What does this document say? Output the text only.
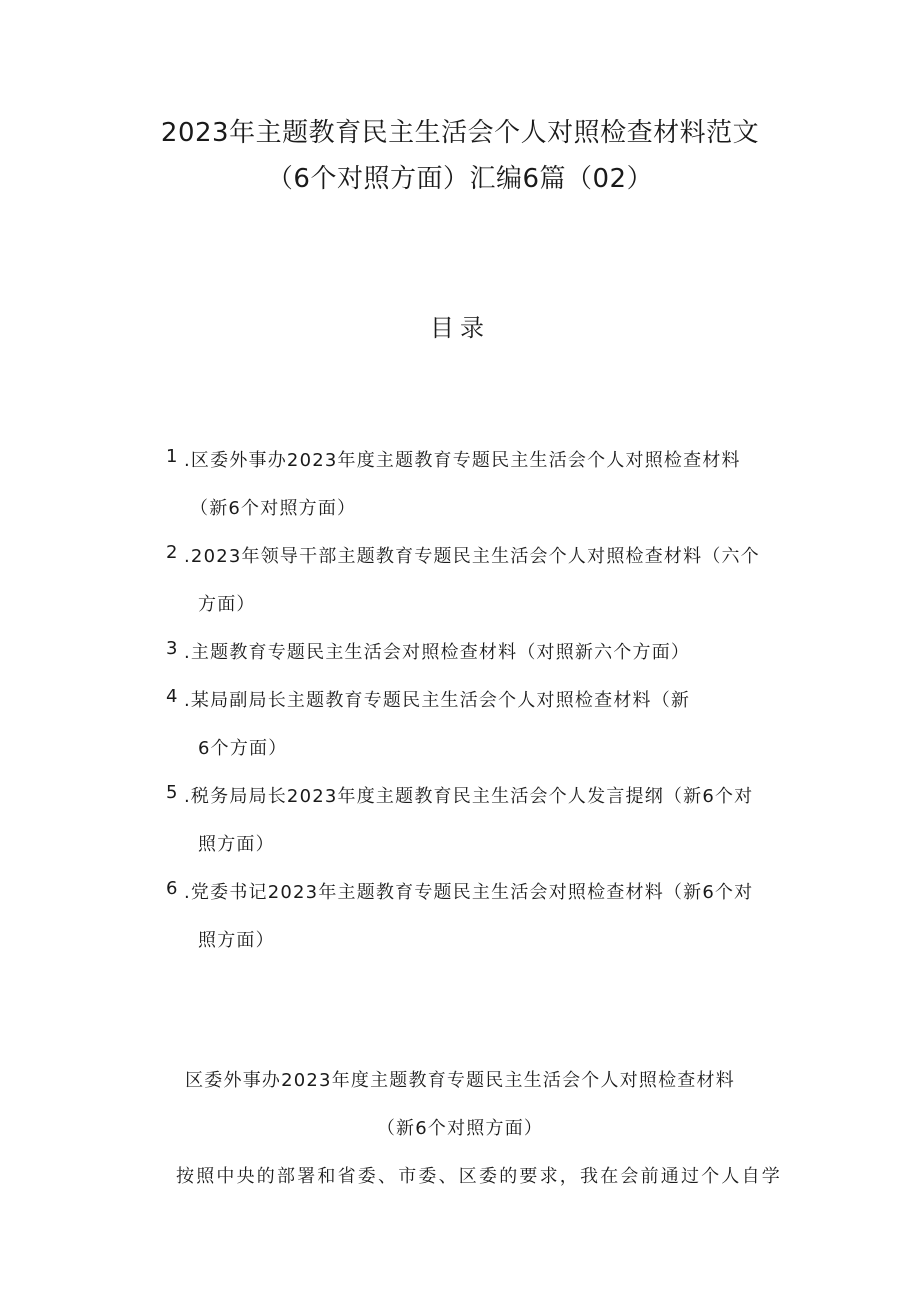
2023年主题教育民主生活会个人对照检查材料范文
（6个对照方面）汇编6篇（02）
目录
1 .区委外事办2023年度主题教育专题民主生活会个人对照检查材料
（新6个对照方面）
2 .2023年领导干部主题教育专题民主生活会个人对照检查材料（六个
方面）
3 .主题教育专题民主生活会对照检查材料（对照新六个方面）
4 .某局副局长主题教育专题民主生活会个人对照检查材料（新
6个方面）
5 .税务局局长2023年度主题教育民主生活会个人发言提纲（新6个对
照方面）
6 .党委书记2023年主题教育专题民主生活会对照检查材料（新6个对
照方面）
区委外事办2023年度主题教育专题民主生活会个人对照检查材料
（新6个对照方面）
按照中央的部署和省委、市委、区委的要求，我在会前通过个人自学
